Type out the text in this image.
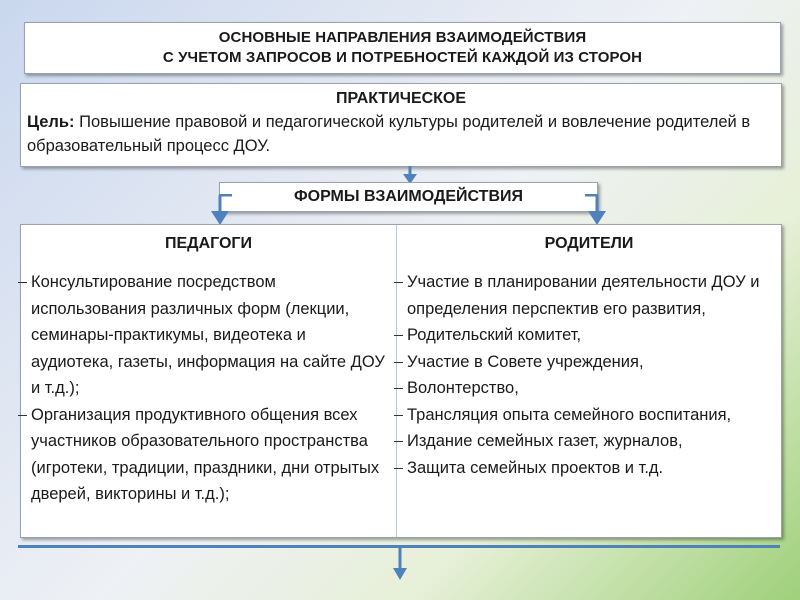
ОСНОВНЫЕ НАПРАВЛЕНИЯ ВЗАИМОДЕЙСТВИЯ
С УЧЕТОМ ЗАПРОСОВ И ПОТРЕБНОСТЕЙ КАЖДОЙ ИЗ СТОРОН
ПРАКТИЧЕСКОЕ
Цель: Повышение правовой и педагогической культуры родителей и вовлечение родителей в образовательный процесс ДОУ.
ФОРМЫ ВЗАИМОДЕЙСТВИЯ
ПЕДАГОГИ	РОДИТЕЛИ
Консультирование посредством использования различных форм (лекции, семинары-практикумы, видеотека и аудиотека, газеты, информация на сайте ДОУ и т.д.);
Организация продуктивного общения всех участников образовательного пространства (игротеки, традиции, праздники, дни отрытых дверей, викторины и т.д.);
Участие в планировании деятельности ДОУ и определения перспектив его развития,
Родительский комитет,
Участие в Совете учреждения,
Волонтерство,
Трансляция опыта семейного воспитания,
Издание семейных газет, журналов,
Защита семейных проектов и т.д.
